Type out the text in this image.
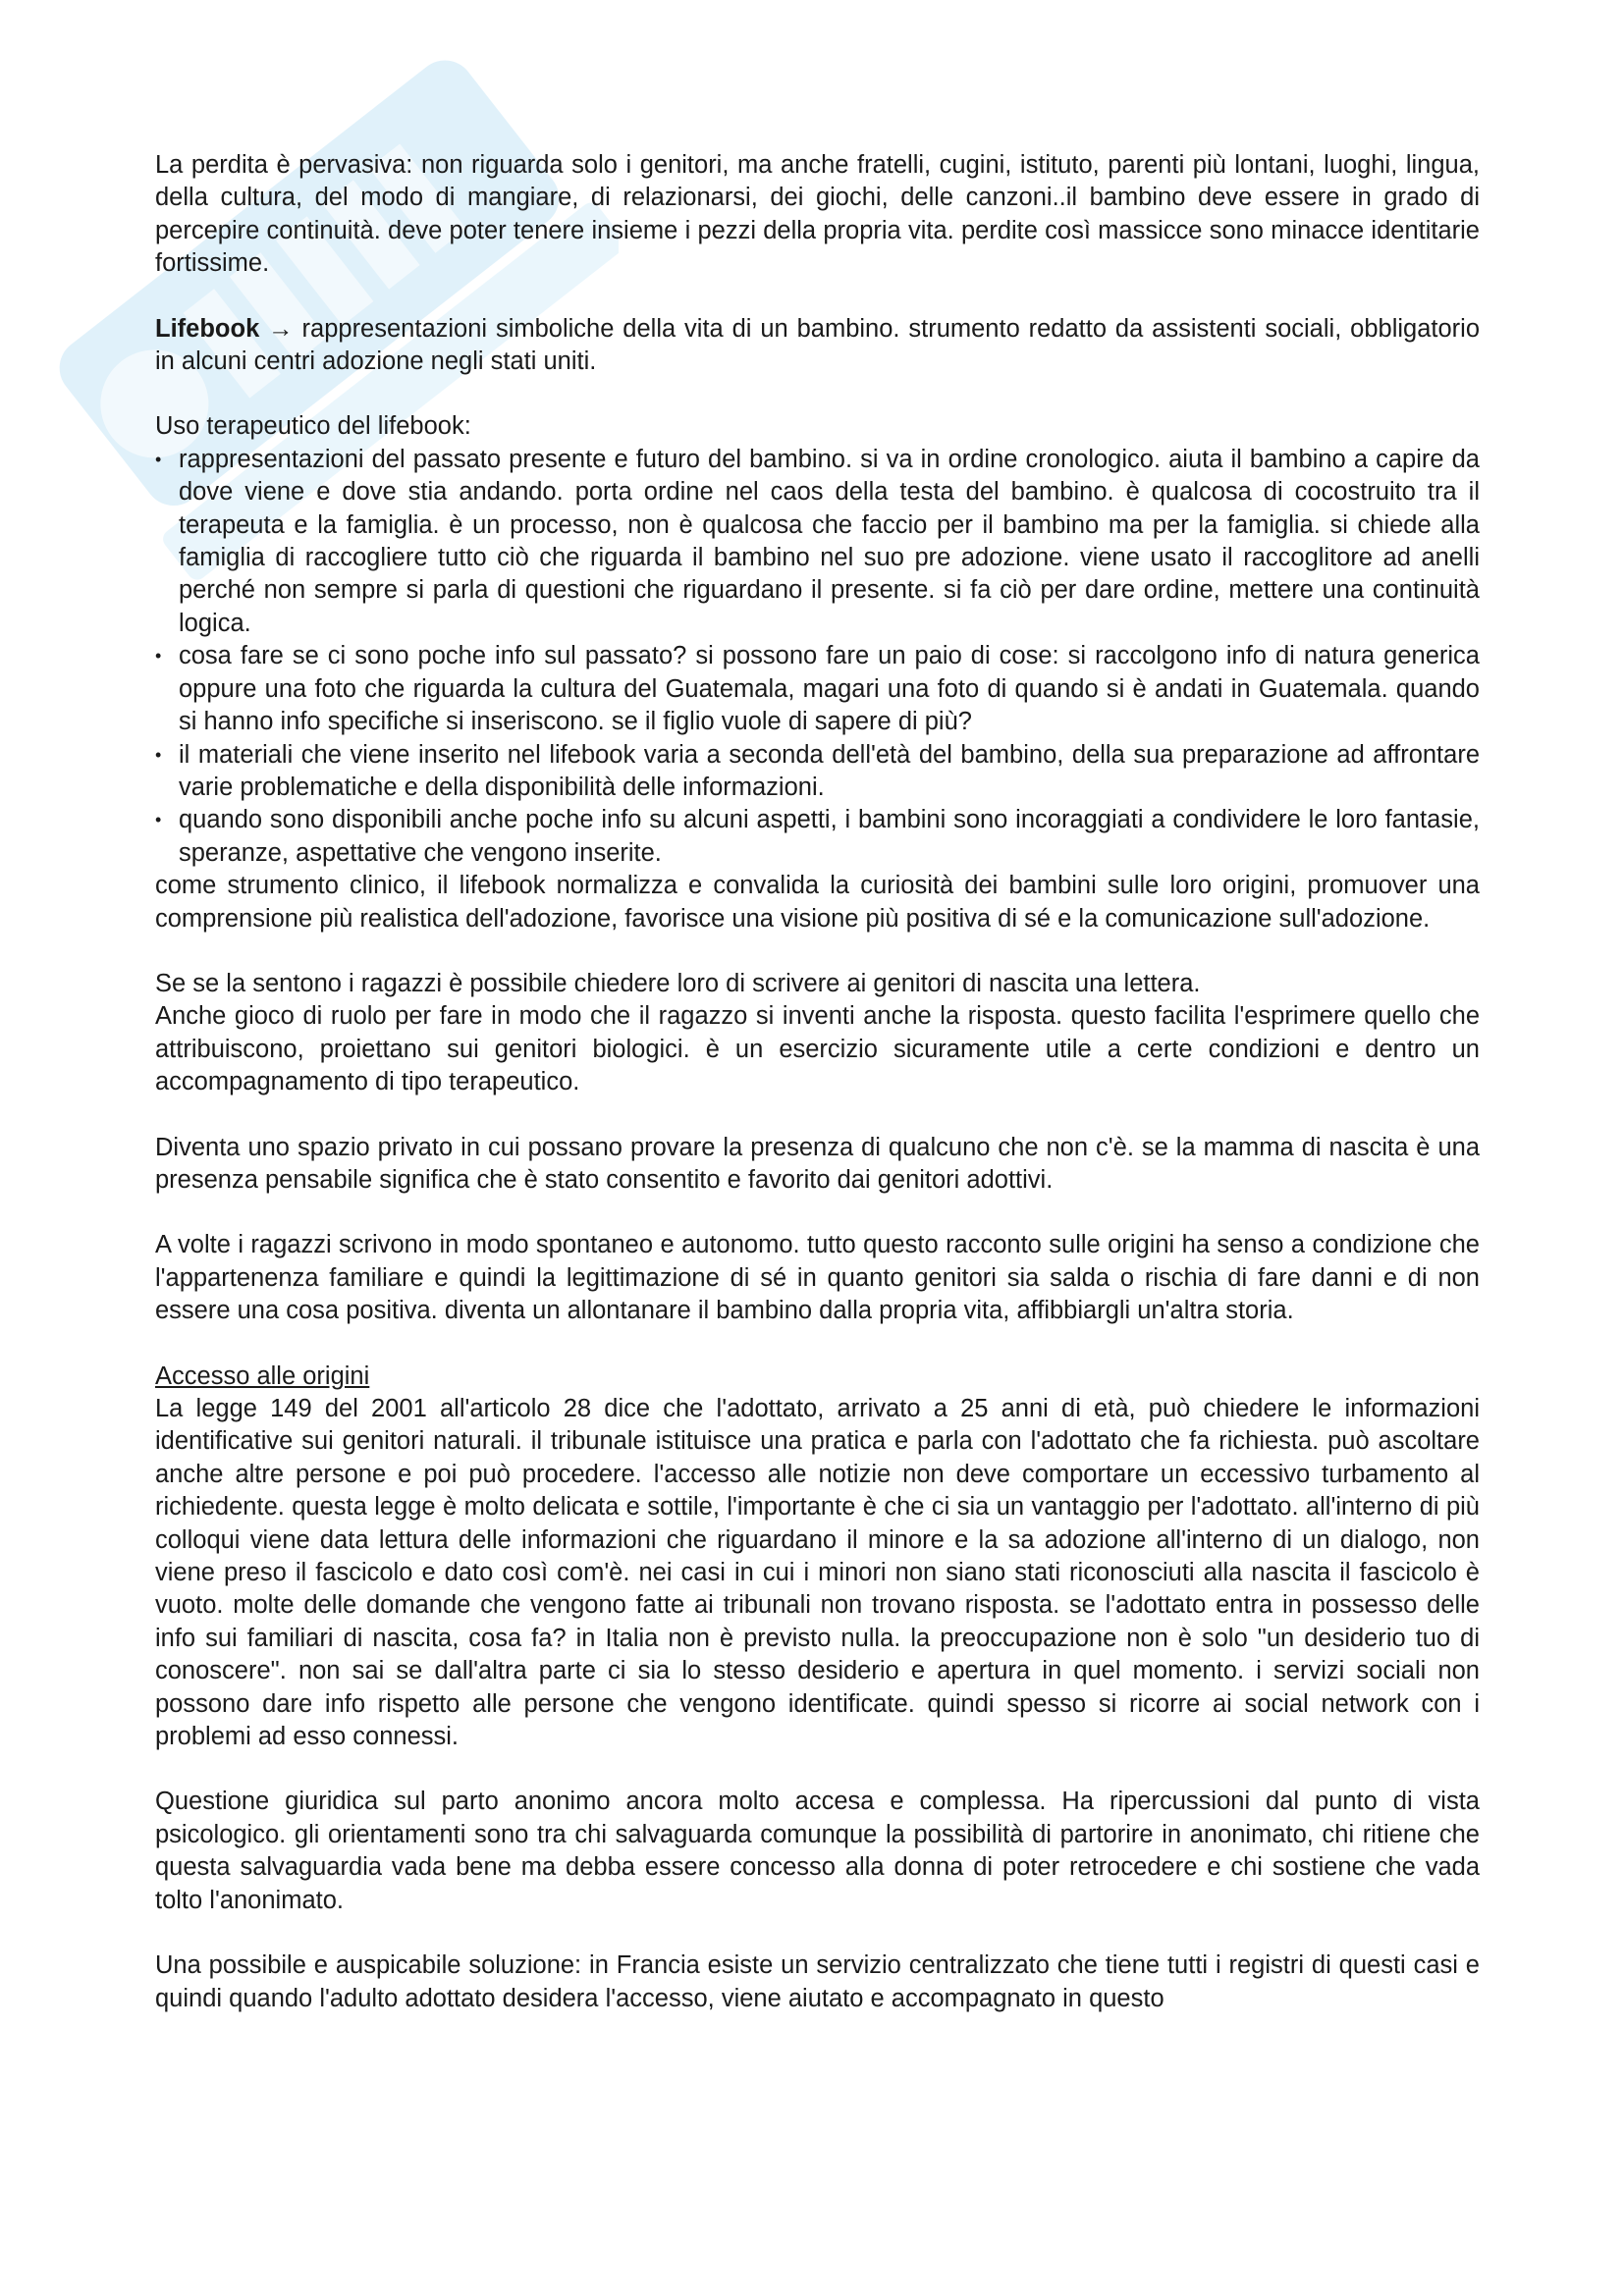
La perdita è pervasiva: non riguarda solo i genitori, ma anche fratelli, cugini, istituto, parenti più lontani, luoghi, lingua, della cultura, del modo di mangiare, di relazionarsi, dei giochi, delle canzoni..il bambino deve essere in grado di percepire continuità. deve poter tenere insieme i pezzi della propria vita. perdite così massicce sono minacce identitarie fortissime.

Lifebook → rappresentazioni simboliche della vita di un bambino. strumento redatto da assistenti sociali, obbligatorio in alcuni centri adozione negli stati uniti.

Uso terapeutico del lifebook:

• rappresentazioni del passato presente e futuro del bambino. si va in ordine cronologico. aiuta il bambino a capire da dove viene e dove stia andando. porta ordine nel caos della testa del bambino. è qualcosa di cocostruito tra il terapeuta e la famiglia. è un processo, non è qualcosa che faccio per il bambino ma per la famiglia. si chiede alla famiglia di raccogliere tutto ciò che riguarda il bambino nel suo pre adozione. viene usato il raccoglitore ad anelli perché non sempre si parla di questioni che riguardano il presente. si fa ciò per dare ordine, mettere una continuità logica.
• cosa fare se ci sono poche info sul passato? si possono fare un paio di cose: si raccolgono info di natura generica oppure una foto che riguarda la cultura del Guatemala, magari una foto di quando si è andati in Guatemala. quando si hanno info specifiche si inseriscono. se il figlio vuole di sapere di più?
• il materiali che viene inserito nel lifebook varia a seconda dell'età del bambino, della sua preparazione ad affrontare varie problematiche e della disponibilità delle informazioni.
• quando sono disponibili anche poche info su alcuni aspetti, i bambini sono incoraggiati a condividere le loro fantasie, speranze, aspettative che vengono inserite.

come strumento clinico, il lifebook normalizza e convalida la curiosità dei bambini sulle loro origini, promuover una comprensione più realistica dell'adozione, favorisce una visione più positiva di sé e la comunicazione sull'adozione.

Se se la sentono i ragazzi è possibile chiedere loro di scrivere ai genitori di nascita una lettera.

Anche gioco di ruolo per fare in modo che il ragazzo si inventi anche la risposta. questo facilita l'esprimere quello che attribuiscono, proiettano sui genitori biologici. è un esercizio sicuramente utile a certe condizioni e dentro un accompagnamento di tipo terapeutico.

Diventa uno spazio privato in cui possano provare la presenza di qualcuno che non c'è. se la mamma di nascita è una presenza pensabile significa che è stato consentito e favorito dai genitori adottivi.

A volte i ragazzi scrivono in modo spontaneo e autonomo. tutto questo racconto sulle origini ha senso a condizione che l'appartenenza familiare e quindi la legittimazione di sé in quanto genitori sia salda o rischia di fare danni e di non essere una cosa positiva. diventa un allontanare il bambino dalla propria vita, affibbiargli un'altra storia.

Accesso alle origini

La legge 149 del 2001 all'articolo 28 dice che l'adottato, arrivato a 25 anni di età, può chiedere le informazioni identificative sui genitori naturali. il tribunale istituisce una pratica e parla con l'adottato che fa richiesta. può ascoltare anche altre persone e poi può procedere. l'accesso alle notizie non deve comportare un eccessivo turbamento al richiedente. questa legge è molto delicata e sottile, l'importante è che ci sia un vantaggio per l'adottato. all'interno di più colloqui viene data lettura delle informazioni che riguardano il minore e la sa adozione all'interno di un dialogo, non viene preso il fascicolo e dato così com'è. nei casi in cui i minori non siano stati riconosciuti alla nascita il fascicolo è vuoto. molte delle domande che vengono fatte ai tribunali non trovano risposta. se l'adottato entra in possesso delle info sui familiari di nascita, cosa fa? in Italia non è previsto nulla. la preoccupazione non è solo "un desiderio tuo di conoscere". non sai se dall'altra parte ci sia lo stesso desiderio e apertura in quel momento. i servizi sociali non possono dare info rispetto alle persone che vengono identificate. quindi spesso si ricorre ai social network con i problemi ad esso connessi.

Questione giuridica sul parto anonimo ancora molto accesa e complessa. Ha ripercussioni dal punto di vista psicologico. gli orientamenti sono tra chi salvaguarda comunque la possibilità di partorire in anonimato, chi ritiene che questa salvaguardia vada bene ma debba essere concesso alla donna di poter retrocedere e chi sostiene che vada tolto l'anonimato.

Una possibile e auspicabile soluzione: in Francia esiste un servizio centralizzato che tiene tutti i registri di questi casi e quindi quando l'adulto adottato desidera l'accesso, viene aiutato e accompagnato in questo
